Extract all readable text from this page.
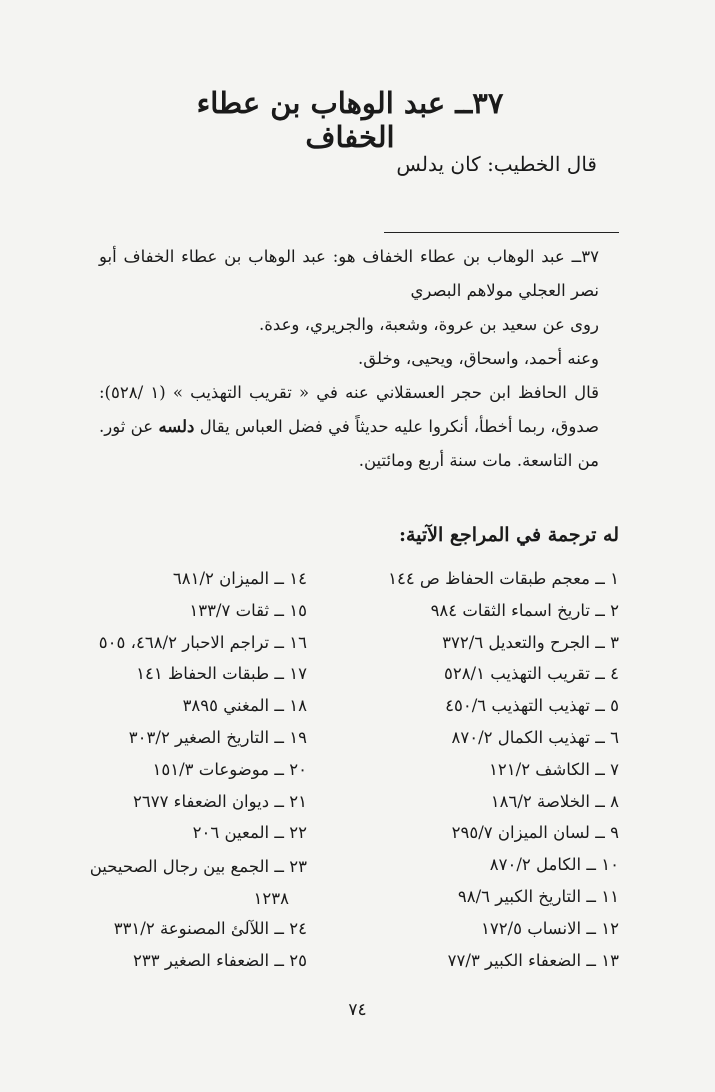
٣٧ــ عبد الوهاب بن عطاء الخفاف
قال الخطيب: كان يدلس

٣٧ــ عبد الوهاب بن عطاء الخفاف هو: عبد الوهاب بن عطاء الخفاف أبو نصر العجلي مولاهم البصري

روى عن سعيد بن عروة، وشعبة، والجريري، وعدة.

وعنه أحمد، واسحاق، ويحيى، وخلق.

قال الحافظ ابن حجر العسقلاني عنه في « تقريب التهذيب » (١ /٥٢٨): صدوق، ربما أخطأ، أنكروا عليه حديثاً في فضل العباس يقال دلسه عن ثور. من التاسعة. مات سنة أربع ومائتين.

له ترجمة في المراجع الآتية:
١ ــ معجم طبقات الحفاظ ص ١٤٤
٢ ــ تاريخ اسماء الثقات ٩٨٤
٣ ــ الجرح والتعديل ٣٧٢/٦
٤ ــ تقريب التهذيب ٥٢٨/١
٥ ــ تهذيب التهذيب ٤٥٠/٦
٦ ــ تهذيب الكمال ٨٧٠/٢
٧ ــ الكاشف ١٢١/٢
٨ ــ الخلاصة ١٨٦/٢
٩ ــ لسان الميزان ٢٩٥/٧
١٠ ــ الكامل ٨٧٠/٢
١١ ــ التاريخ الكبير ٩٨/٦
١٢ ــ الانساب ١٧٢/٥
١٣ ــ الضعفاء الكبير ٧٧/٣
١٤ ــ الميزان ٦٨١/٢
١٥ ــ ثقات ١٣٣/٧
١٦ ــ تراجم الاحبار ٤٦٨/٢، ٥٠٥
١٧ ــ طبقات الحفاظ ١٤١
١٨ ــ المغني ٣٨٩٥
١٩ ــ التاريخ الصغير ٣٠٣/٢
٢٠ ــ موضوعات ١٥١/٣
٢١ ــ ديوان الضعفاء ٢٦٧٧
٢٢ ــ المعين ٢٠٦
٢٣ ــ الجمع بين رجال الصحيحين
١٢٣٨
٢٤ ــ اللآلئ المصنوعة ٣٣١/٢
٢٥ ــ الضعفاء الصغير ٢٣٣
٧٤
